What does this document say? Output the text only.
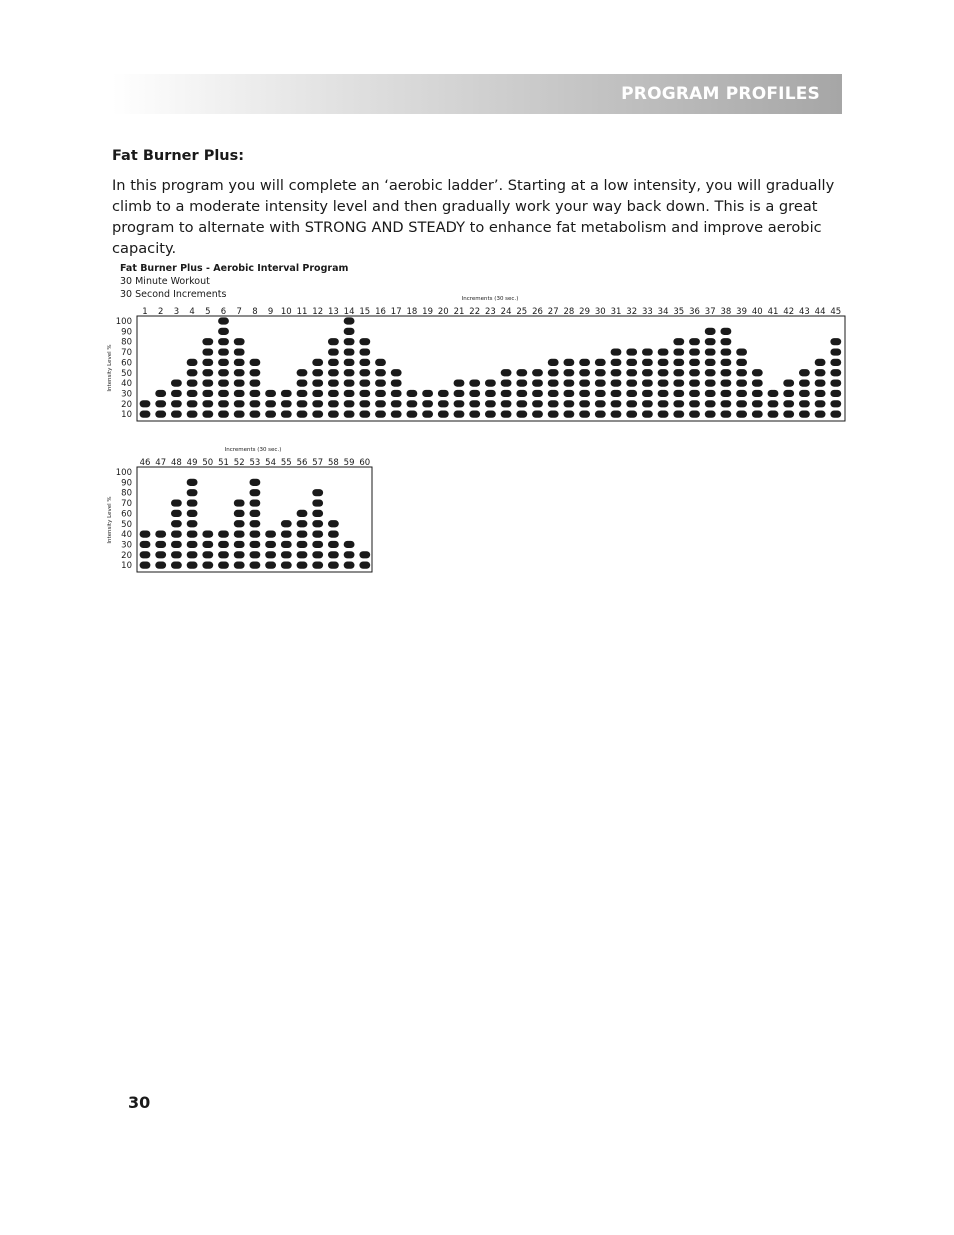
PROGRAM PROFILES
Fat Burner Plus:

In this program you will complete an ‘aerobic ladder’. Starting at a low intensity, you will gradually climb to a moderate intensity level and then gradually work your way back down. This is a great program to alternate with STRONG AND STEADY to enhance fat metabolism and improve aerobic capacity.

Fat Burner Plus - Aerobic Interval Program
30 Minute Workout
30 Second Increments	Increments (30 sec.)
Intensity Level %
100
90
80
70
60
50
40
30
20
10
1 2 3 4 5 6 7 8 9 10 11 12 13 14 15 16 17 18 19 20 21 22 23 24 25 26 27 28 29 30 31 32 33 34 35 36 37 38 39 40 41 42 43 44 45
Increments (30 sec.)
Intensity Level %
100
90
80
70
60
50
40
30
20
10
46 47 48 49 50 51 52 53 54 55 56 57 58 59 60
30
